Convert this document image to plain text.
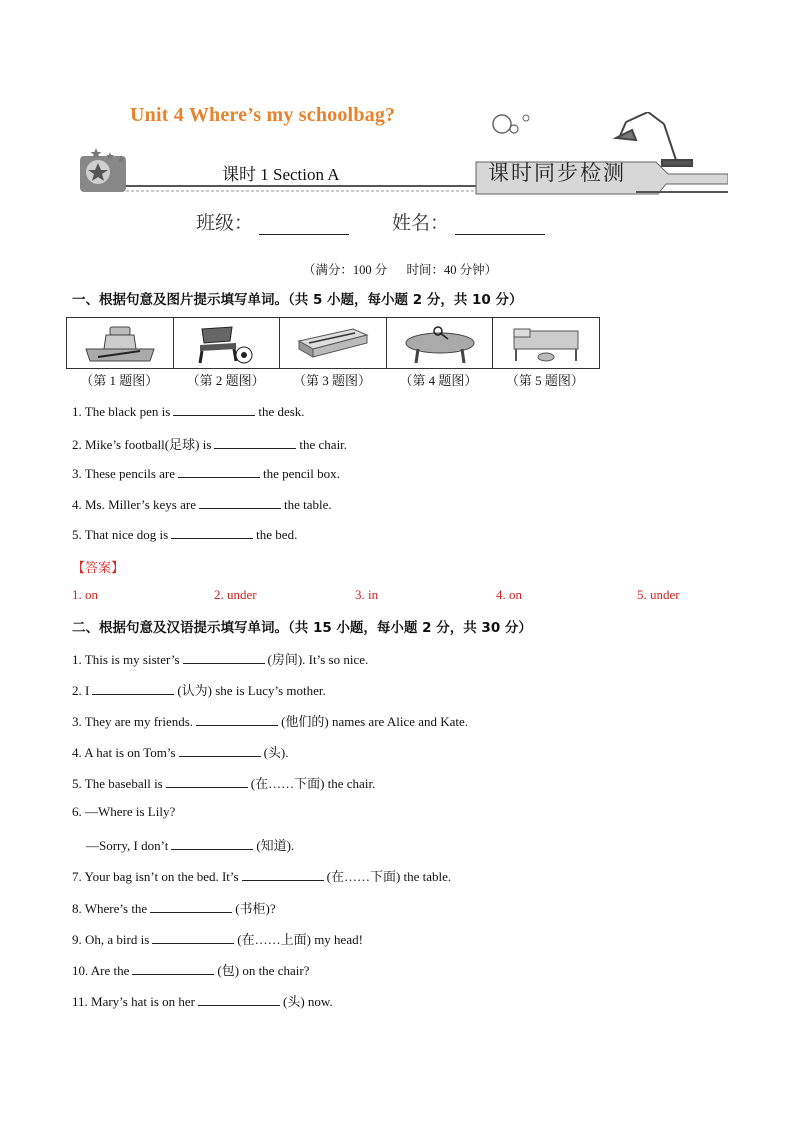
Unit 4 Where’s my schoolbag?
课时 1 Section A	课时同步检测
班级：	姓名：
（满分：100 分 时间：40 分钟）
一、根据句意及图片提示填写单词。（共 5 小题，每小题 2 分，共 10 分）
（第 1 题图）	（第 2 题图）	（第 3 题图）	（第 4 题图）	（第 5 题图）
1. The black pen is	the desk.
2. Mike’s football(足球) is	the chair.
3. These pencils are	the pencil box.
4. Ms. Miller’s keys are	the table.
5. That nice dog is	the bed.
【答案】
1. on	2. under	3. in	4. on	5. under
二、根据句意及汉语提示填写单词。（共 15 小题，每小题 2 分，共 30 分）
1. This is my sister’s	(房间). It’s so nice.
2. I	(认为) she is Lucy’s mother.
3. They are my friends.	(他们的) names are Alice and Kate.
4. A hat is on Tom’s	(头).
5. The baseball is	(在……下面) the chair.
6. —Where is Lily?
—Sorry, I don’t	(知道).
7. Your bag isn’t on the bed. It’s	(在……下面) the table.
8. Where’s the	(书柜)?
9. Oh, a bird is	(在……上面) my head!
10. Are the	(包) on the chair?
11. Mary’s hat is on her	(头) now.
